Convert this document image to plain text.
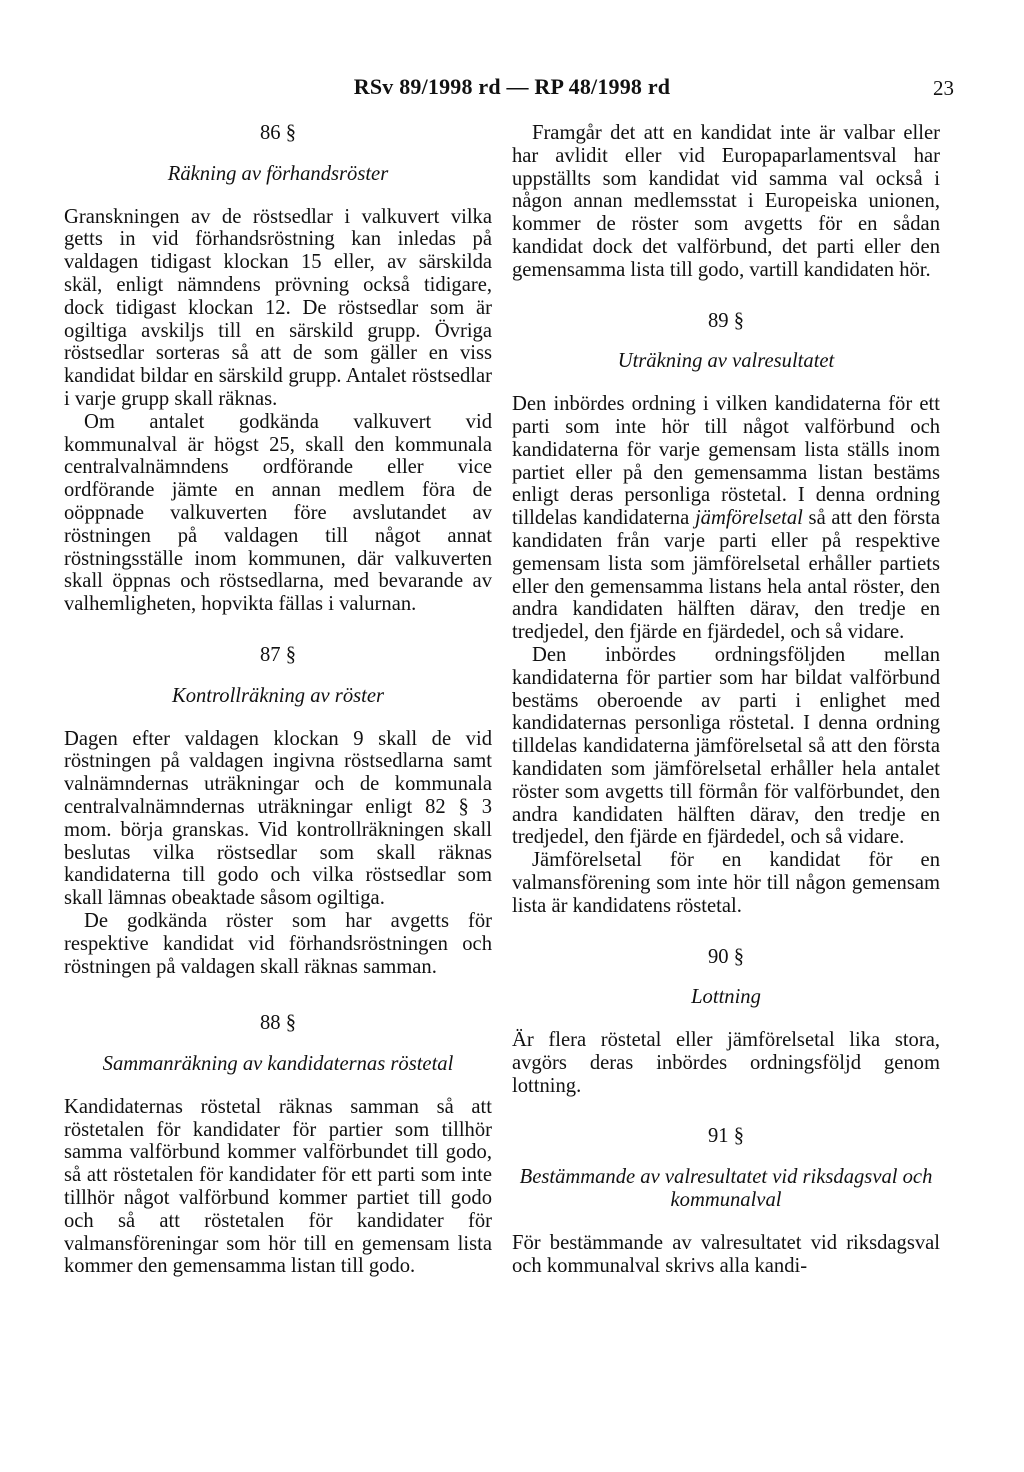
RSv 89/1998 rd — RP 48/1998 rd	23
86 §
Räkning av förhandsröster

Granskningen av de röstsedlar i valkuvert vilka getts in vid förhandsröstning kan inledas på valdagen tidigast klockan 15 eller, av särskilda skäl, enligt nämndens prövning också tidigare, dock tidigast klockan 12. De röstsedlar som är ogiltiga avskiljs till en särskild grupp. Övriga röstsedlar sorteras så att de som gäller en viss kandidat bildar en särskild grupp. Antalet röstsedlar i varje grupp skall räknas.

Om antalet godkända valkuvert vid kommunalval är högst 25, skall den kommunala centralvalnämndens ordförande eller vice ordförande jämte en annan medlem föra de oöppnade valkuverten före avslutandet av röstningen på valdagen till något annat röstningsställe inom kommunen, där valkuverten skall öppnas och röstsedlarna, med bevarande av valhemligheten, hopvikta fällas i valurnan.

87 §
Kontrollräkning av röster

Dagen efter valdagen klockan 9 skall de vid röstningen på valdagen ingivna röstsedlarna samt valnämndernas uträkningar och de kommunala centralvalnämndernas uträkningar enligt 82 § 3 mom. börja granskas. Vid kontrollräkningen skall beslutas vilka röstsedlar som skall räknas kandidaterna till godo och vilka röstsedlar som skall lämnas obeaktade såsom ogiltiga.

De godkända röster som har avgetts för respektive kandidat vid förhandsröstningen och röstningen på valdagen skall räknas samman.

88 §
Sammanräkning av kandidaternas röstetal

Kandidaternas röstetal räknas samman så att röstetalen för kandidater för partier som tillhör samma valförbund kommer valförbundet till godo, så att röstetalen för kandidater för ett parti som inte tillhör något valförbund kommer partiet till godo och så att röstetalen för kandidater för valmansföreningar som hör till en gemensam lista kommer den gemensamma listan till godo.

Framgår det att en kandidat inte är valbar eller har avlidit eller vid Europaparlamentsval har uppställts som kandidat vid samma val också i någon annan medlemsstat i Europeiska unionen, kommer de röster som avgetts för en sådan kandidat dock det valförbund, det parti eller den gemensamma lista till godo, vartill kandidaten hör.

89 §
Uträkning av valresultatet

Den inbördes ordning i vilken kandidaterna för ett parti som inte hör till något valförbund och kandidaterna för varje gemensam lista ställs inom partiet eller på den gemensamma listan bestäms enligt deras personliga röstetal. I denna ordning tilldelas kandidaterna jämförelsetal så att den första kandidaten från varje parti eller på respektive gemensam lista som jämförelsetal erhåller partiets eller den gemensamma listans hela antal röster, den andra kandidaten hälften därav, den tredje en tredjedel, den fjärde en fjärdedel, och så vidare.

Den inbördes ordningsföljden mellan kandidaterna för partier som har bildat valförbund bestäms oberoende av parti i enlighet med kandidaternas personliga röstetal. I denna ordning tilldelas kandidaterna jämförelsetal så att den första kandidaten som jämförelsetal erhåller hela antalet röster som avgetts till förmån för valförbundet, den andra kandidaten hälften därav, den tredje en tredjedel, den fjärde en fjärdedel, och så vidare.

Jämförelsetal för en kandidat för en valmansförening som inte hör till någon gemensam lista är kandidatens röstetal.

90 §
Lottning

Är flera röstetal eller jämförelsetal lika stora, avgörs deras inbördes ordningsföljd genom lottning.

91 §
Bestämmande av valresultatet vid riksdagsval och kommunalval

För bestämmande av valresultatet vid riksdagsval och kommunalval skrivs alla kandi-
